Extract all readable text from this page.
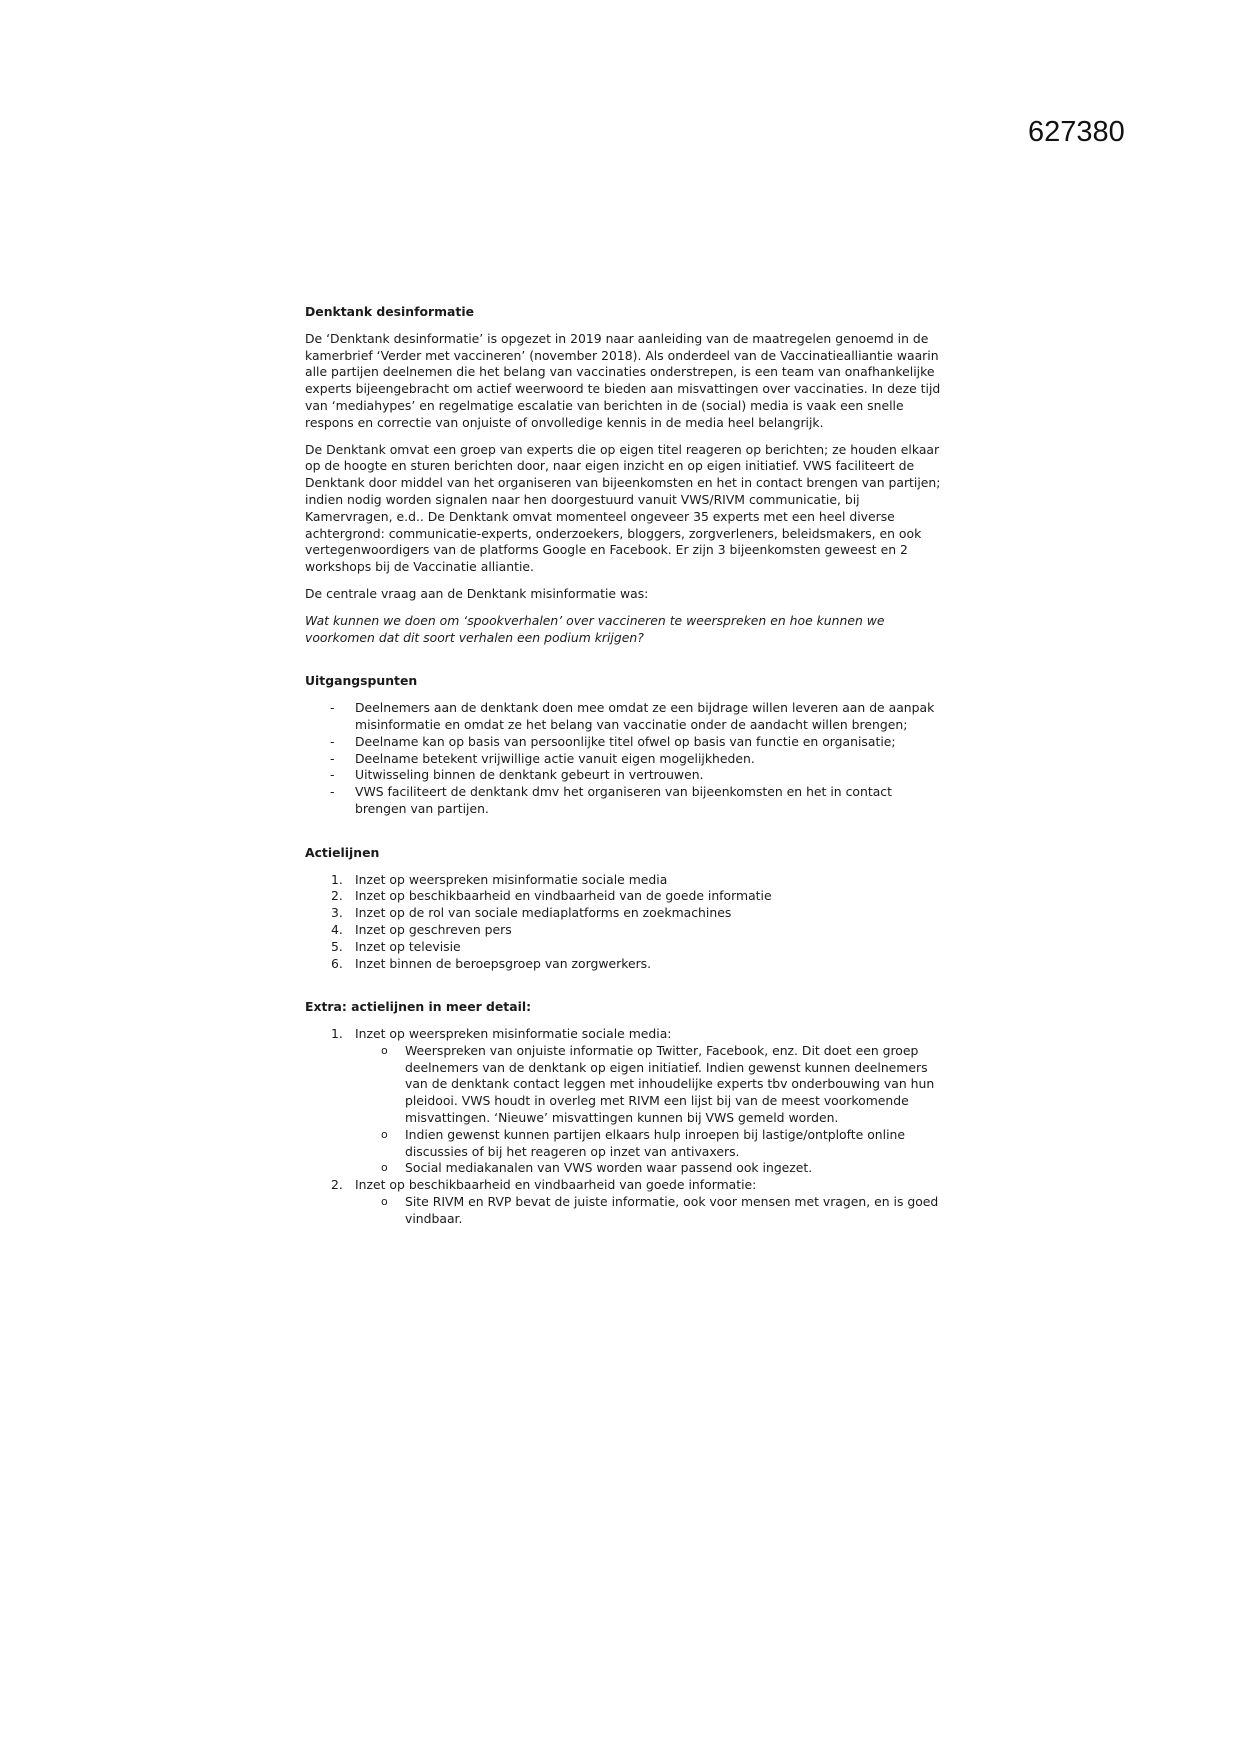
627380
Denktank desinformatie

De ‘Denktank desinformatie’ is opgezet in 2019 naar aanleiding van de maatregelen genoemd in de kamerbrief ‘Verder met vaccineren’ (november 2018). Als onderdeel van de Vaccinatiealliantie waarin alle partijen deelnemen die het belang van vaccinaties onderstrepen, is een team van onafhankelijke experts bijeengebracht om actief weerwoord te bieden aan misvattingen over vaccinaties. In deze tijd van ‘mediahypes’ en regelmatige escalatie van berichten in de (social) media is vaak een snelle respons en correctie van onjuiste of onvolledige kennis in de media heel belangrijk.

De Denktank omvat een groep van experts die op eigen titel reageren op berichten; ze houden elkaar op de hoogte en sturen berichten door, naar eigen inzicht en op eigen initiatief. VWS faciliteert de Denktank door middel van het organiseren van bijeenkomsten en het in contact brengen van partijen; indien nodig worden signalen naar hen doorgestuurd vanuit VWS/RIVM communicatie, bij Kamervragen, e.d.. De Denktank omvat momenteel ongeveer 35 experts met een heel diverse achtergrond: communicatie-experts, onderzoekers, bloggers, zorgverleners, beleidsmakers, en ook vertegenwoordigers van de platforms Google en Facebook. Er zijn 3 bijeenkomsten geweest en 2 workshops bij de Vaccinatie alliantie.

De centrale vraag aan de Denktank misinformatie was:

Wat kunnen we doen om ‘spookverhalen’ over vaccineren te weerspreken en hoe kunnen we voorkomen dat dit soort verhalen een podium krijgen?

Uitgangspunten
- Deelnemers aan de denktank doen mee omdat ze een bijdrage willen leveren aan de aanpak misinformatie en omdat ze het belang van vaccinatie onder de aandacht willen brengen;
- Deelname kan op basis van persoonlijke titel ofwel op basis van functie en organisatie;
- Deelname betekent vrijwillige actie vanuit eigen mogelijkheden.
- Uitwisseling binnen de denktank gebeurt in vertrouwen.
- VWS faciliteert de denktank dmv het organiseren van bijeenkomsten en het in contact brengen van partijen.
Actielijnen
1. Inzet op weerspreken misinformatie sociale media
2. Inzet op beschikbaarheid en vindbaarheid van de goede informatie
3. Inzet op de rol van sociale mediaplatforms en zoekmachines
4. Inzet op geschreven pers
5. Inzet op televisie
6. Inzet binnen de beroepsgroep van zorgwerkers.
Extra: actielijnen in meer detail:
1. Inzet op weerspreken misinformatie sociale media:
o Weerspreken van onjuiste informatie op Twitter, Facebook, enz. Dit doet een groep deelnemers van de denktank op eigen initiatief. Indien gewenst kunnen deelnemers van de denktank contact leggen met inhoudelijke experts tbv onderbouwing van hun pleidooi. VWS houdt in overleg met RIVM een lijst bij van de meest voorkomende misvattingen. ‘Nieuwe’ misvattingen kunnen bij VWS gemeld worden.
o Indien gewenst kunnen partijen elkaars hulp inroepen bij lastige/ontplofte online discussies of bij het reageren op inzet van antivaxers.
o Social mediakanalen van VWS worden waar passend ook ingezet.
2. Inzet op beschikbaarheid en vindbaarheid van goede informatie:
o Site RIVM en RVP bevat de juiste informatie, ook voor mensen met vragen, en is goed vindbaar.
